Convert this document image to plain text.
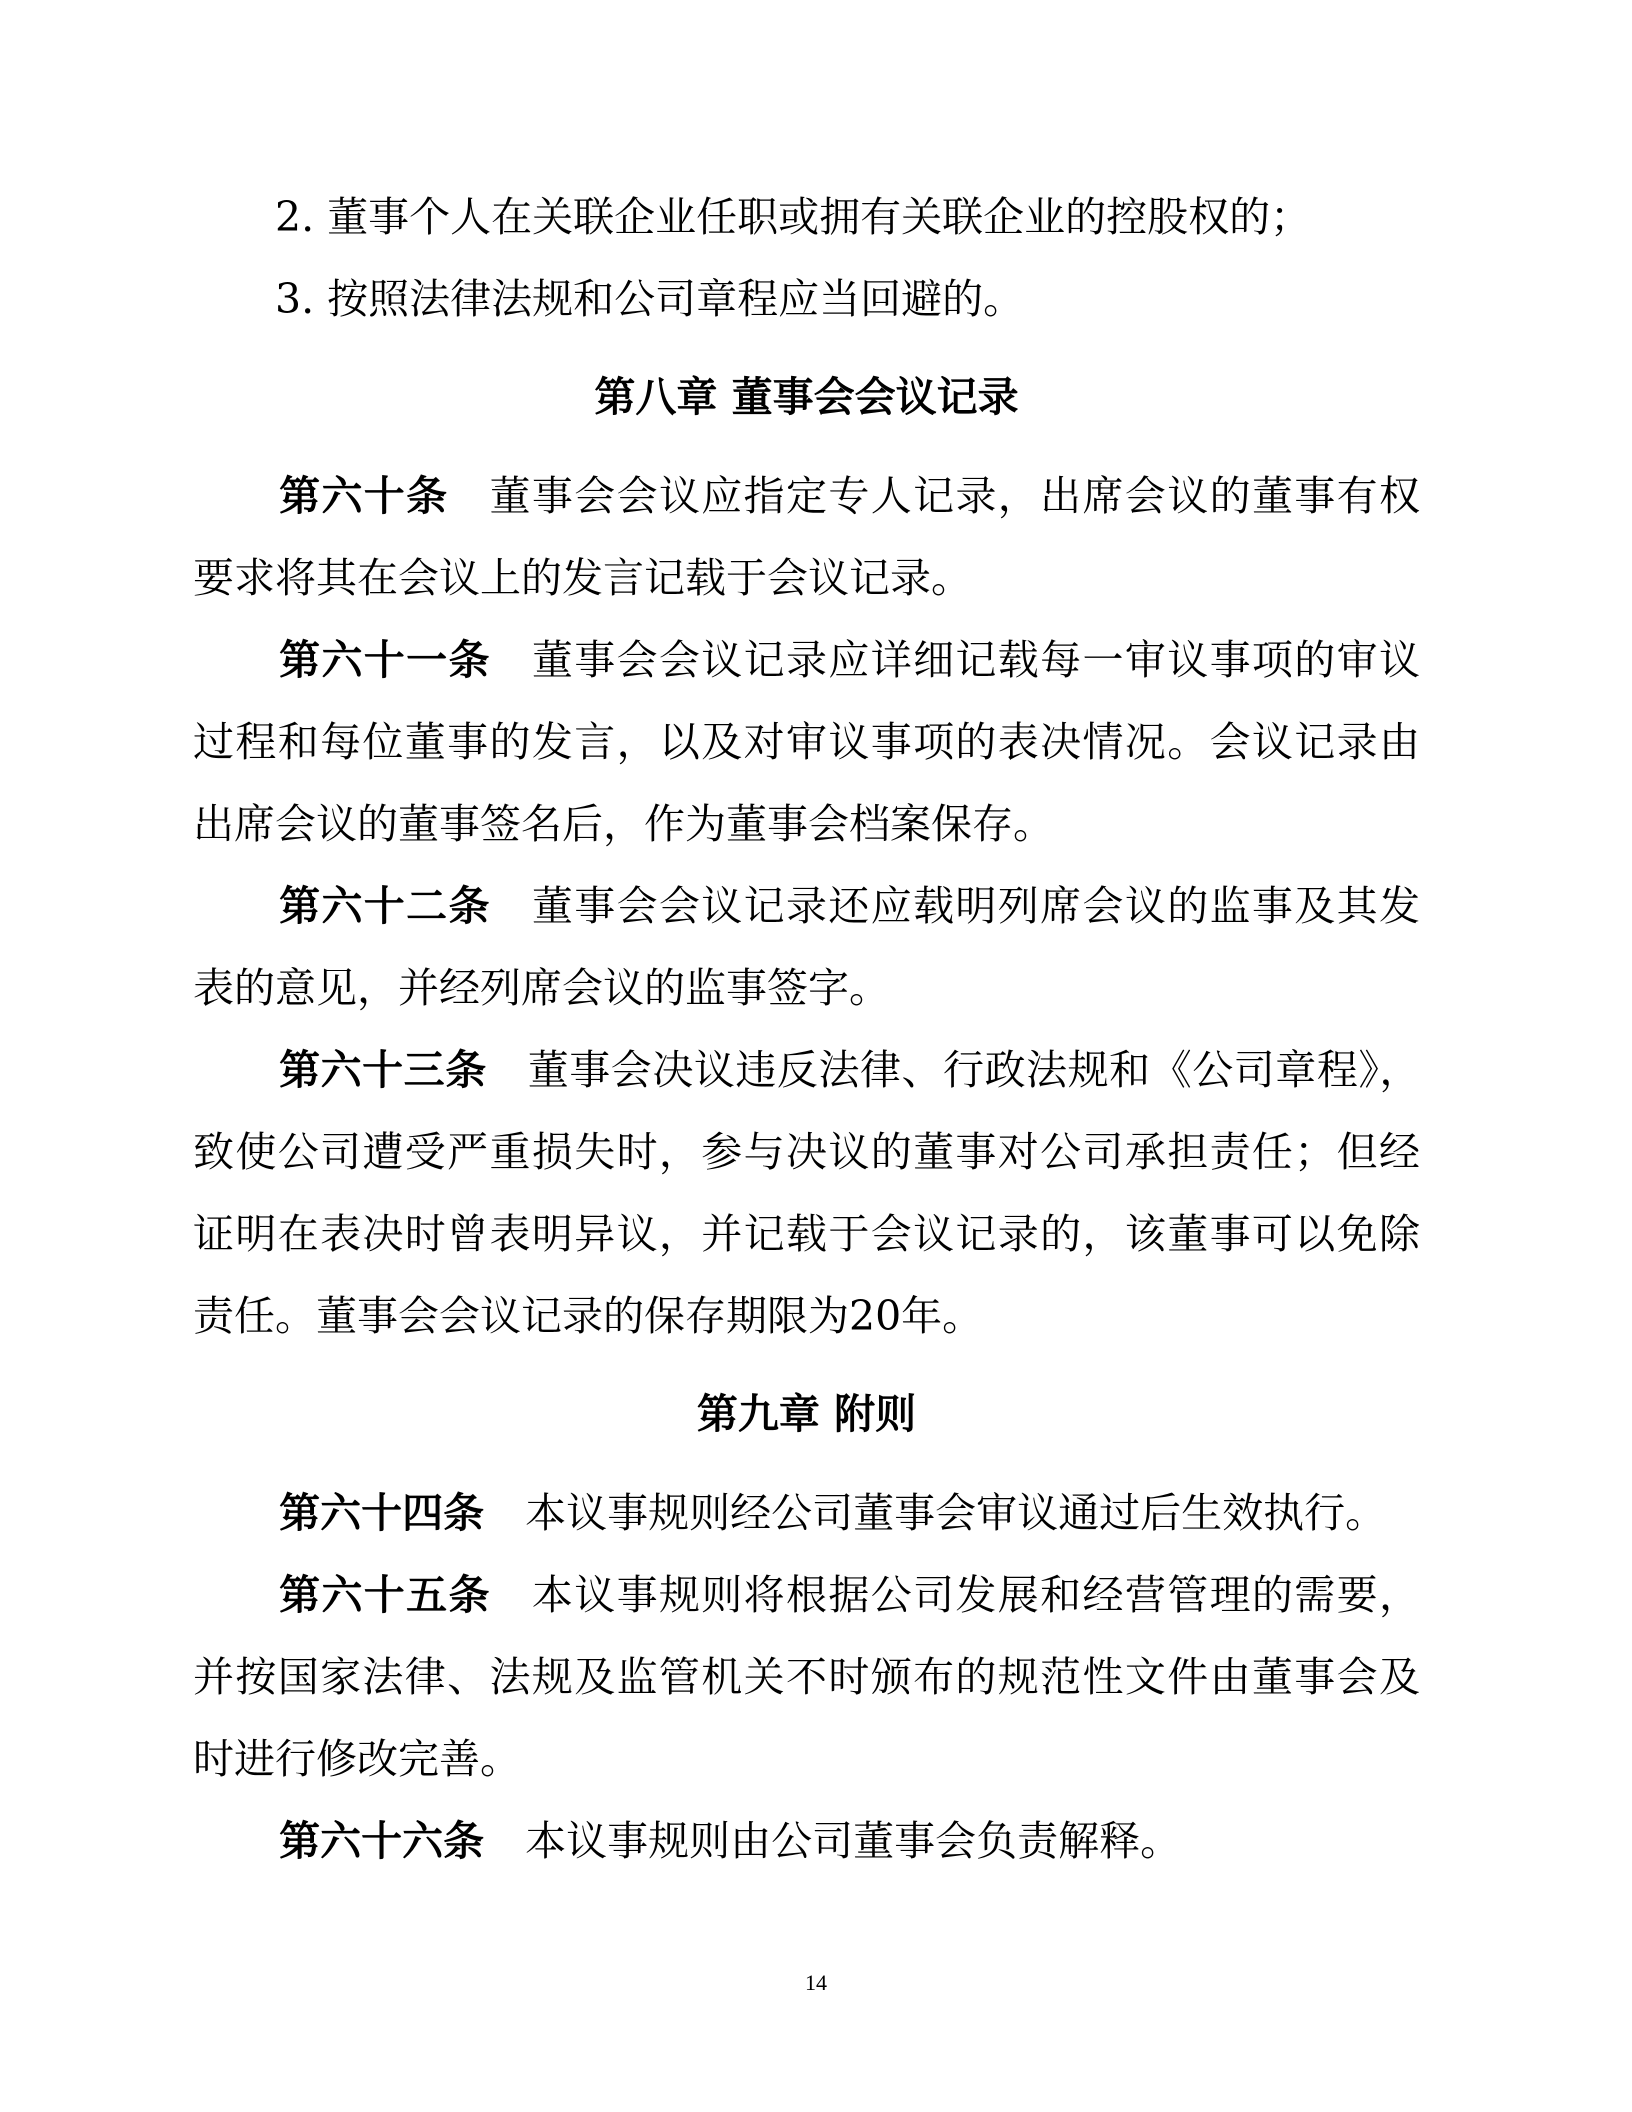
2. 董事个人在关联企业任职或拥有关联企业的控股权的；
3. 按照法律法规和公司章程应当回避的。
第八章 董事会会议记录
第六十条 董事会会议应指定专人记录，出席会议的董事有权
要求将其在会议上的发言记载于会议记录。
第六十一条 董事会会议记录应详细记载每一审议事项的审议
过程和每位董事的发言，以及对审议事项的表决情况。会议记录由
出席会议的董事签名后，作为董事会档案保存。
第六十二条 董事会会议记录还应载明列席会议的监事及其发
表的意见，并经列席会议的监事签字。
第六十三条 董事会决议违反法律、行政法规和《公司章程》，
致使公司遭受严重损失时，参与决议的董事对公司承担责任；但经
证明在表决时曾表明异议，并记载于会议记录的，该董事可以免除
责任。董事会会议记录的保存期限为20年。
第九章 附则
第六十四条 本议事规则经公司董事会审议通过后生效执行。
第六十五条 本议事规则将根据公司发展和经营管理的需要，
并按国家法律、法规及监管机关不时颁布的规范性文件由董事会及
时进行修改完善。
第六十六条 本议事规则由公司董事会负责解释。
14
